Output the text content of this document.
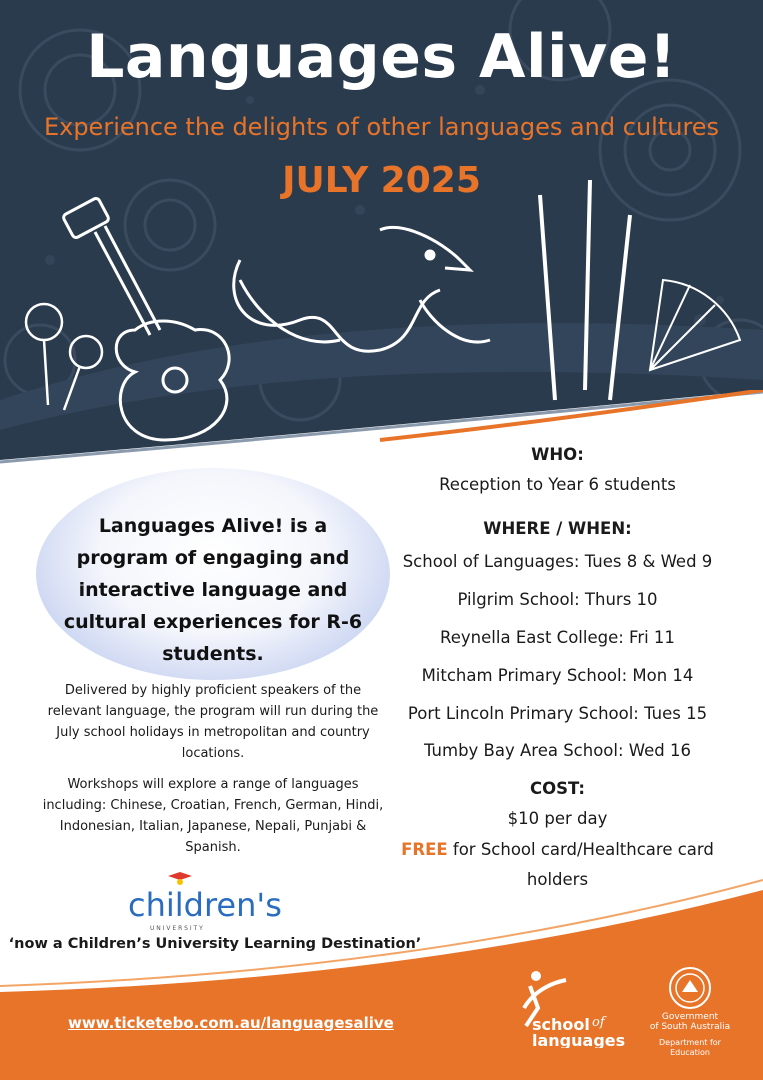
Languages Alive!
Experience the delights of other languages and cultures
JULY 2025
Languages Alive! is a program of engaging and interactive language and cultural experiences for R-6 students.
Delivered by highly proficient speakers of the relevant language, the program will run during the July school holidays in metropolitan and country locations.
Workshops will explore a range of languages including: Chinese, Croatian, French, German, Hindi, Indonesian, Italian, Japanese, Nepali, Punjabi & Spanish.
WHO:
Reception to Year 6 students
WHERE / WHEN:
School of Languages: Tues 8 & Wed 9
Pilgrim School: Thurs 10
Reynella East College: Fri 11
Mitcham Primary School: Mon 14
Port Lincoln Primary School: Tues 15
Tumby Bay Area School: Wed 16
COST:
$10 per day
FREE for School card/Healthcare card
holders
children's
U N I V E R S I T Y
‘now a Children’s University Learning Destination’
www.ticketebo.com.au/languagesalive	school of
languages
Government
of South Australia
Department for Education
